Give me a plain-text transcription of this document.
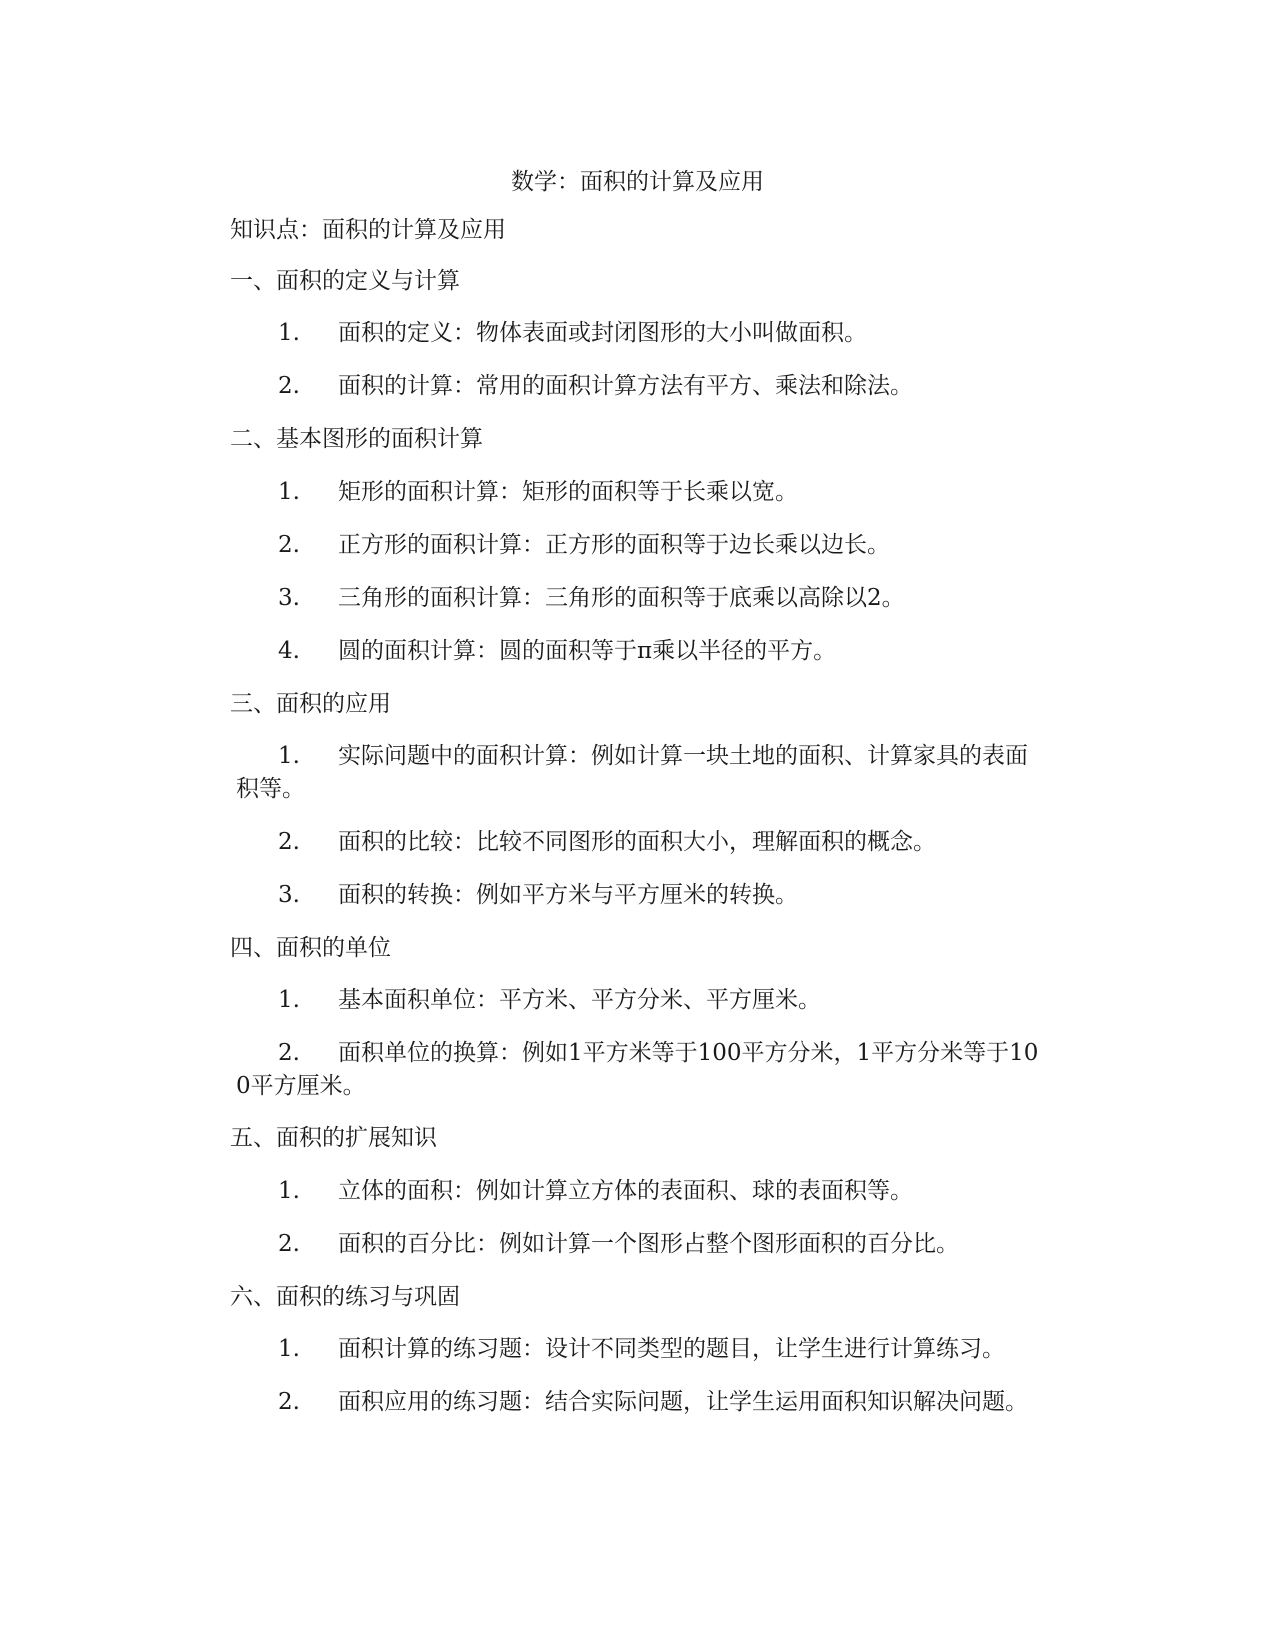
数学：面积的计算及应用
知识点：面积的计算及应用
一、面积的定义与计算
1. 面积的定义：物体表面或封闭图形的大小叫做面积。
2. 面积的计算：常用的面积计算方法有平方、乘法和除法。
二、基本图形的面积计算
1. 矩形的面积计算：矩形的面积等于长乘以宽。
2. 正方形的面积计算：正方形的面积等于边长乘以边长。
3. 三角形的面积计算：三角形的面积等于底乘以高除以2。
4. 圆的面积计算：圆的面积等于π乘以半径的平方。
三、面积的应用
1. 实际问题中的面积计算：例如计算一块土地的面积、计算家具的表面
积等。
2. 面积的比较：比较不同图形的面积大小，理解面积的概念。
3. 面积的转换：例如平方米与平方厘米的转换。
四、面积的单位
1. 基本面积单位：平方米、平方分米、平方厘米。
2. 面积单位的换算：例如1平方米等于100平方分米，1平方分米等于10
0平方厘米。
五、面积的扩展知识
1. 立体的面积：例如计算立方体的表面积、球的表面积等。
2. 面积的百分比：例如计算一个图形占整个图形面积的百分比。
六、面积的练习与巩固
1. 面积计算的练习题：设计不同类型的题目，让学生进行计算练习。
2. 面积应用的练习题：结合实际问题，让学生运用面积知识解决问题。
